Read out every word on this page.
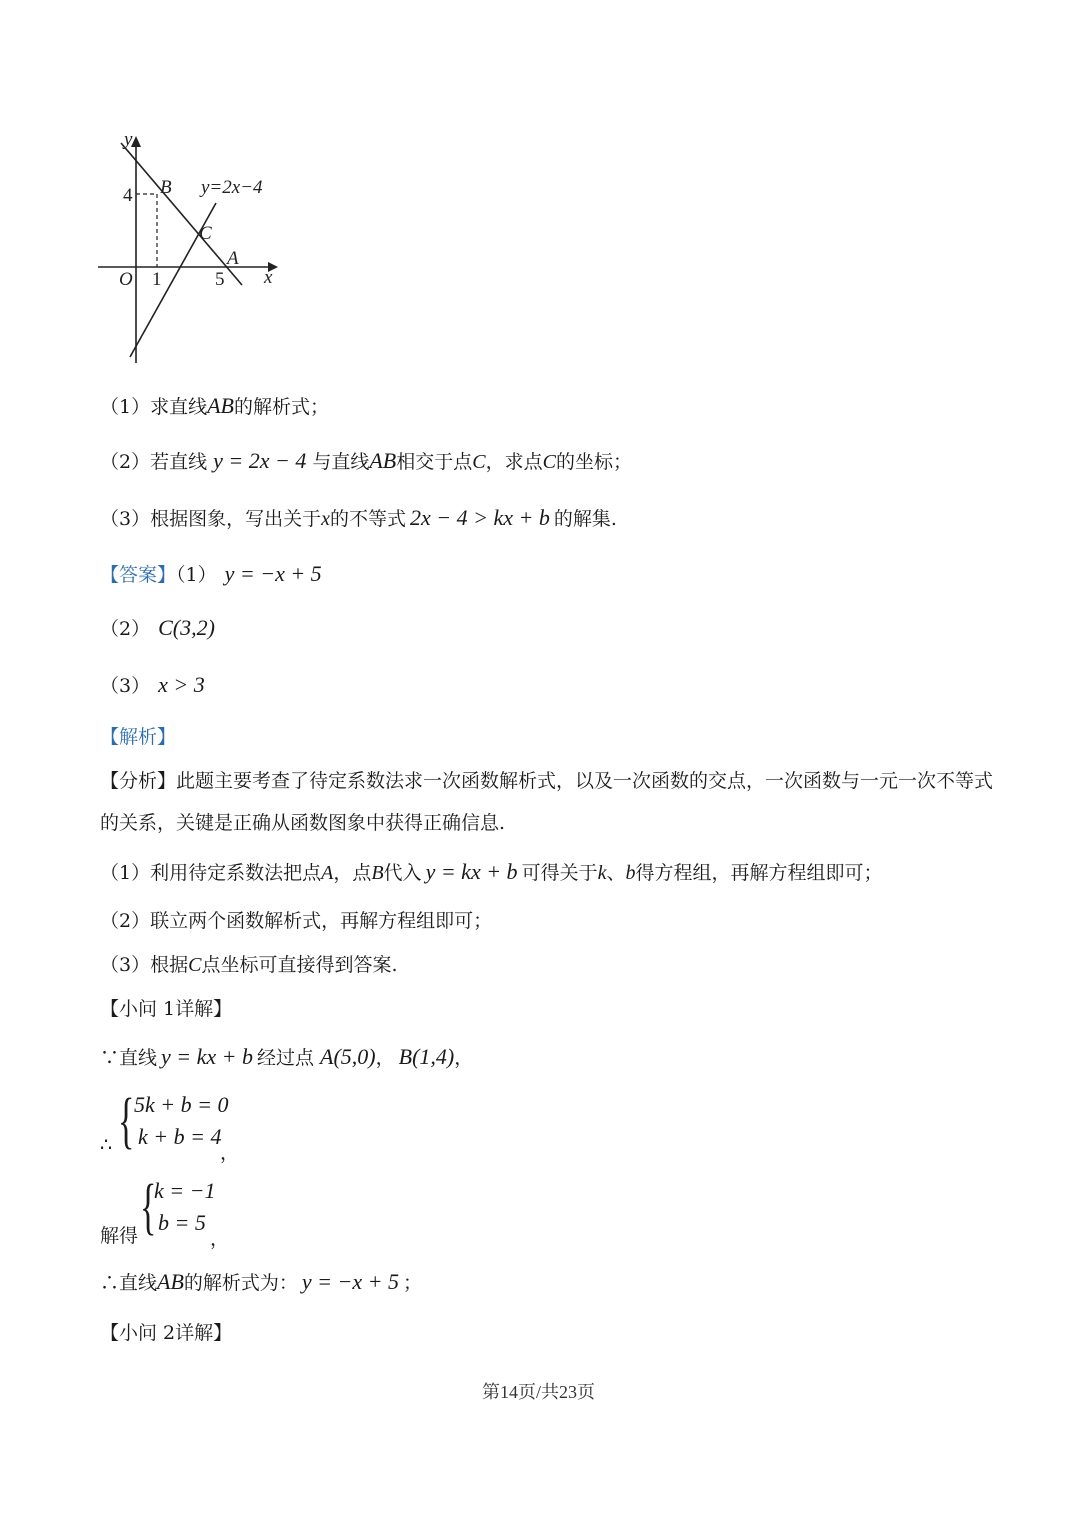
y
x
O
4
1	5
B
C
A
y=2x−4
（1）求直线AB的解析式；
（2）若直线 y = 2x − 4 与直线AB相交于点C，求点C的坐标；
（3）根据图象，写出关于x的不等式 2x − 4 > kx + b 的解集.
【答案】（1） y = −x + 5
（2） C(3,2)
（3） x > 3
【解析】
【分析】此题主要考查了待定系数法求一次函数解析式，以及一次函数的交点，一次函数与一元一次不等式
的关系，关键是正确从函数图象中获得正确信息.
（1）利用待定系数法把点A，点B代入 y = kx + b 可得关于k、b得方程组，再解方程组即可；
（2）联立两个函数解析式，再解方程组即可；
（3）根据C点坐标可直接得到答案.
【小问 1详解】
∵直线 y = kx + b 经过点 A(5,0)， B(1,4)，
∴ { 5k + b = 0
k + b = 4
，
解得 {
k = −1
b = 5
，
∴直线AB的解析式为： y = −x + 5 ；
【小问 2详解】
第14页/共23页
